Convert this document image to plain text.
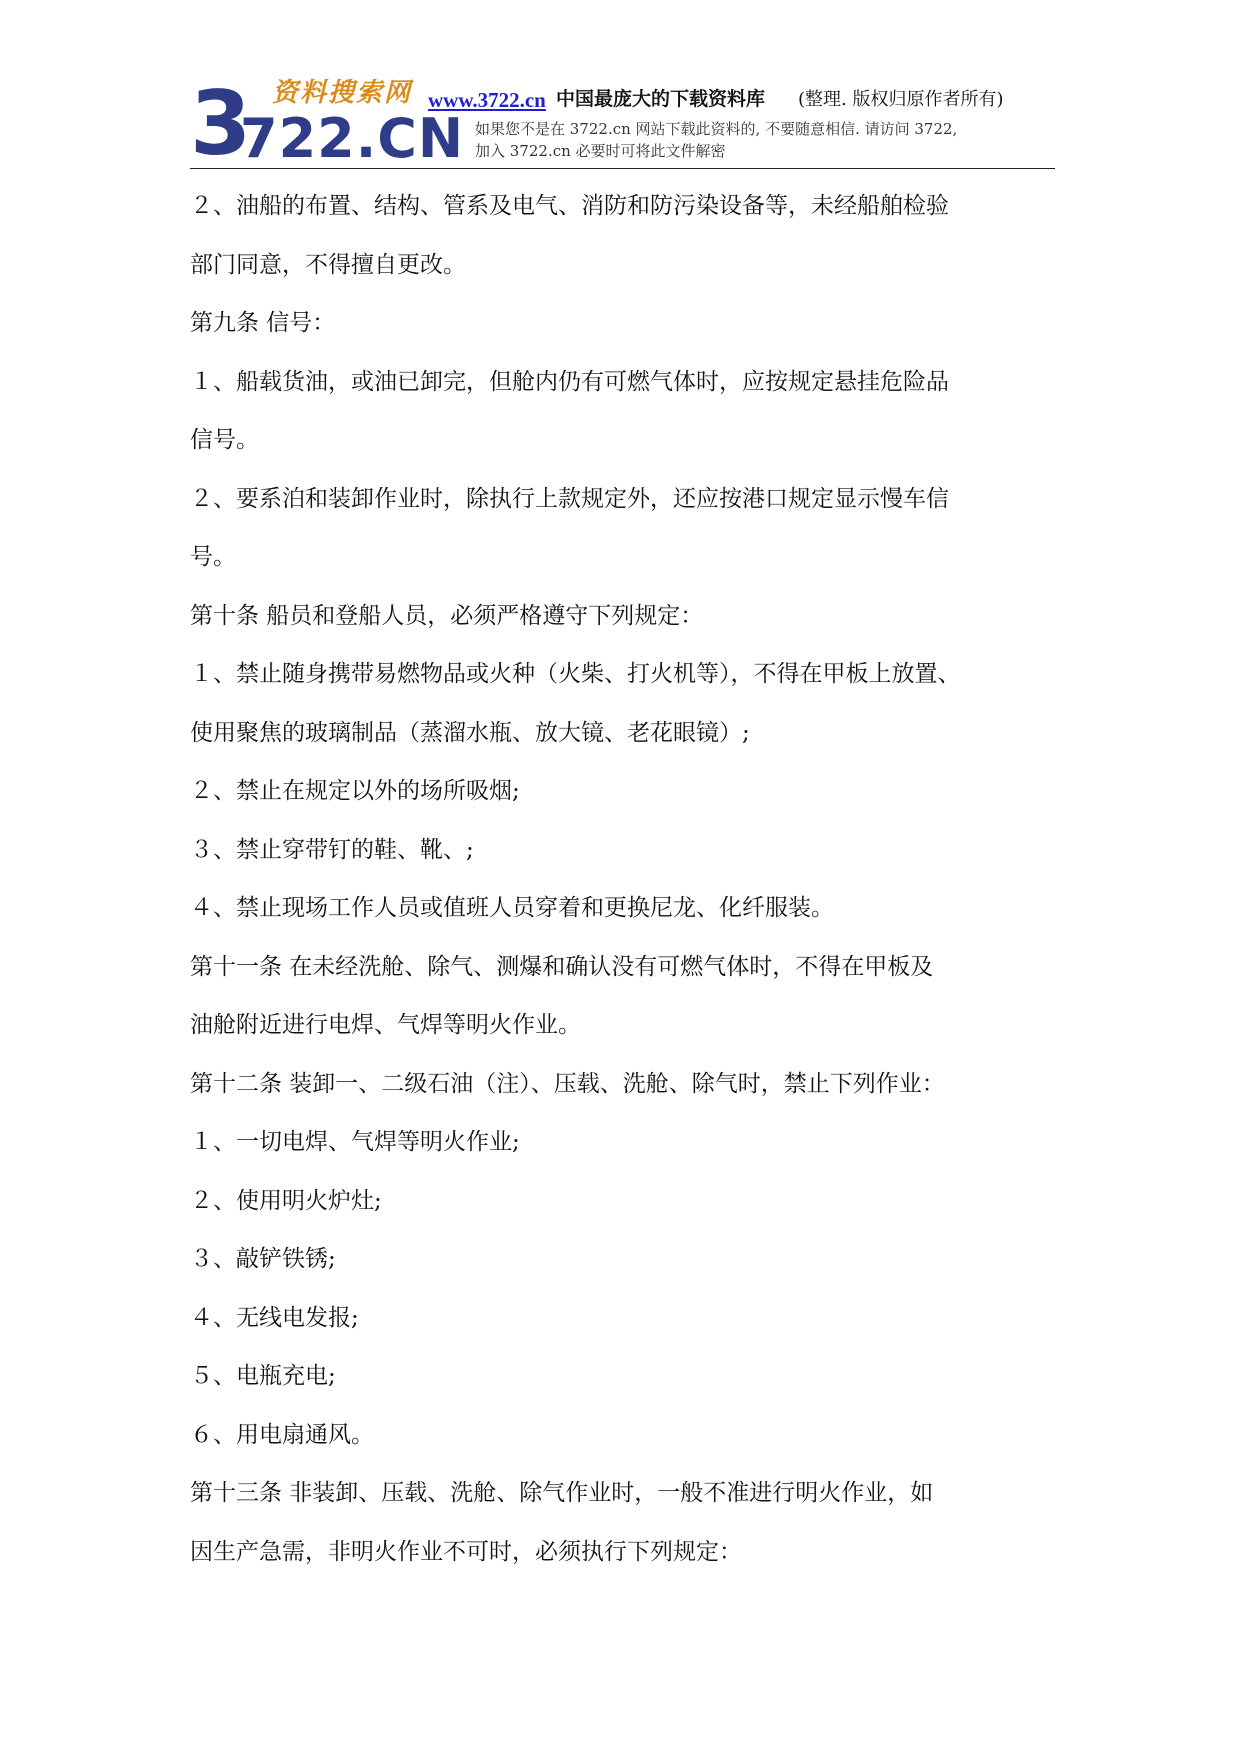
3
722.CN
资料搜索网 www.3722.cn 中国最庞大的下载资料库 (整理. 版权归原作者所有)
如果您不是在 3722.cn 网站下载此资料的, 不要随意相信. 请访问 3722,
加入 3722.cn 必要时可将此文件解密
２、油船的布置、结构、管系及电气、消防和防污染设备等，未经船舶检验
部门同意，不得擅自更改。
第九条 信号：
１、船载货油，或油已卸完，但舱内仍有可燃气体时，应按规定悬挂危险品
信号。
２、要系泊和装卸作业时，除执行上款规定外，还应按港口规定显示慢车信
号。
第十条 船员和登船人员，必须严格遵守下列规定：
１、禁止随身携带易燃物品或火种（火柴、打火机等），不得在甲板上放置、
使用聚焦的玻璃制品（蒸溜水瓶、放大镜、老花眼镜）;
２、禁止在规定以外的场所吸烟;
３、禁止穿带钉的鞋、靴、;
４、禁止现场工作人员或值班人员穿着和更换尼龙、化纤服装。
第十一条 在未经洗舱、除气、测爆和确认没有可燃气体时，不得在甲板及
油舱附近进行电焊、气焊等明火作业。
第十二条 装卸一、二级石油（注）、压载、洗舱、除气时，禁止下列作业：
１、一切电焊、气焊等明火作业;
２、使用明火炉灶;
３、敲铲铁锈;
４、无线电发报;
５、电瓶充电;
６、用电扇通风。
第十三条 非装卸、压载、洗舱、除气作业时，一般不准进行明火作业，如
因生产急需，非明火作业不可时，必须执行下列规定：
